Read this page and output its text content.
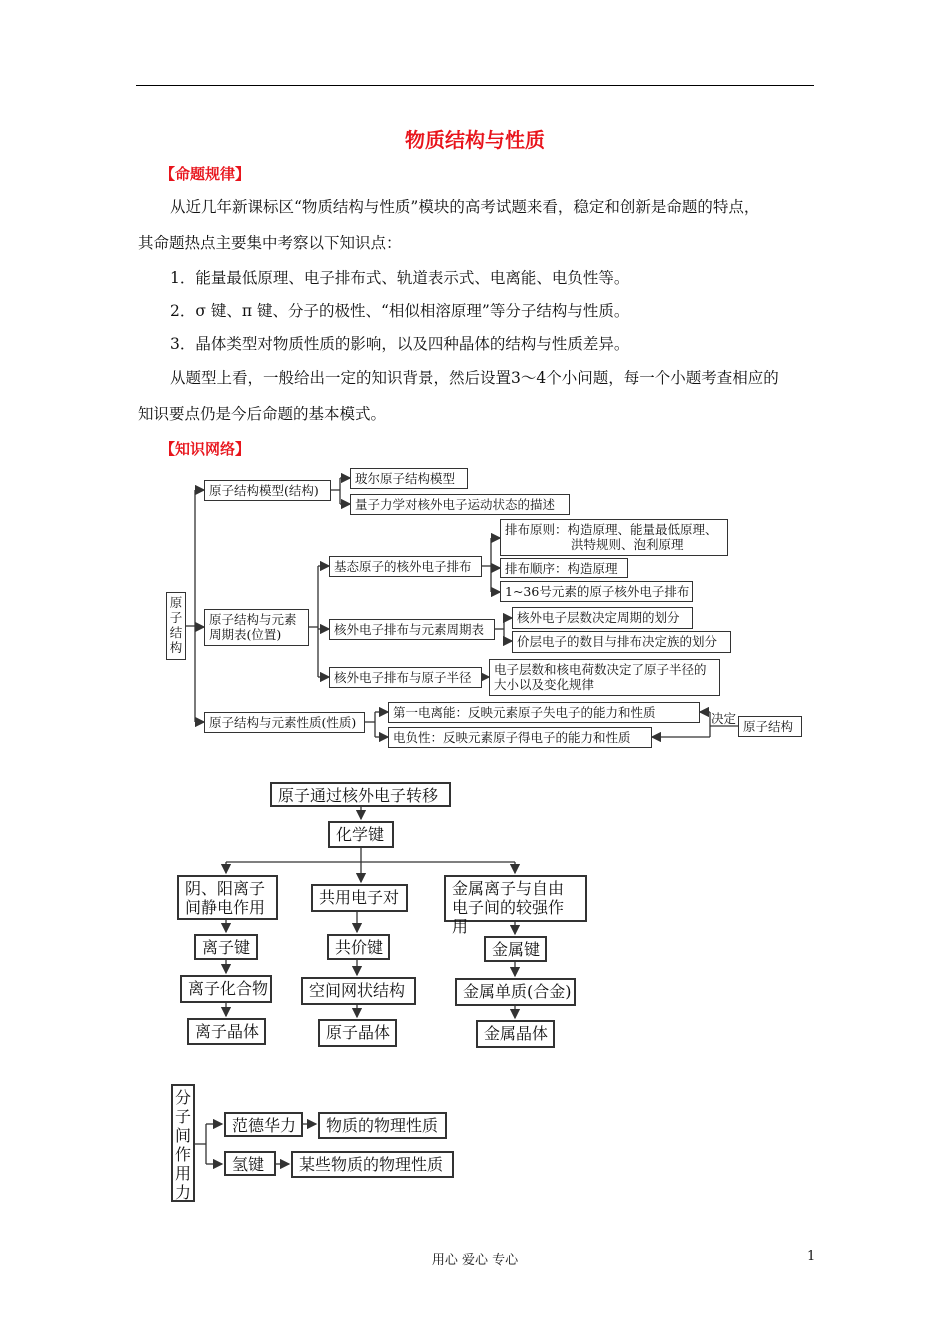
物质结构与性质
【命题规律】
从近几年新课标区“物质结构与性质”模块的高考试题来看，稳定和创新是命题的特点，
其命题热点主要集中考察以下知识点：
1．能量最低原理、电子排布式、轨道表示式、电离能、电负性等。
2．σ 键、π 键、分子的极性、“相似相溶原理”等分子结构与性质。
3．晶体类型对物质性质的影响，以及四种晶体的结构与性质差异。
从题型上看，一般给出一定的知识背景，然后设置3～4个小问题，每一个小题考查相应的
知识要点仍是今后命题的基本模式。
【知识网络】
原子结构
原子结构模型(结构)
玻尔原子结构模型
量子力学对核外电子运动状态的描述
原子结构与元素周期表(位置)
基态原子的核外电子排布
排布原则：构造原理、能量最低原理、
洪特规则、泡利原理
排布顺序：构造原理
1~36号元素的原子核外电子排布
核外电子排布与元素周期表
核外电子层数决定周期的划分
价层电子的数目与排布决定族的划分
核外电子排布与原子半径
电子层数和核电荷数决定了原子半径的
大小以及变化规律
原子结构与元素性质(性质)
第一电离能：反映元素原子失电子的能力和性质
电负性：反映元素原子得电子的能力和性质
决定
原子结构
原子通过核外电子转移
化学键
阴、阳离子间静电作用
共用电子对	金属离子与自由电子间的较强作用
离子键	共价键	金属键
离子化合物	空间网状结构	金属单质(合金)
离子晶体	原子晶体	金属晶体
分子间作用力
范德华力	物质的物理性质
氢键	某些物质的物理性质
用心 爱心 专心	1
